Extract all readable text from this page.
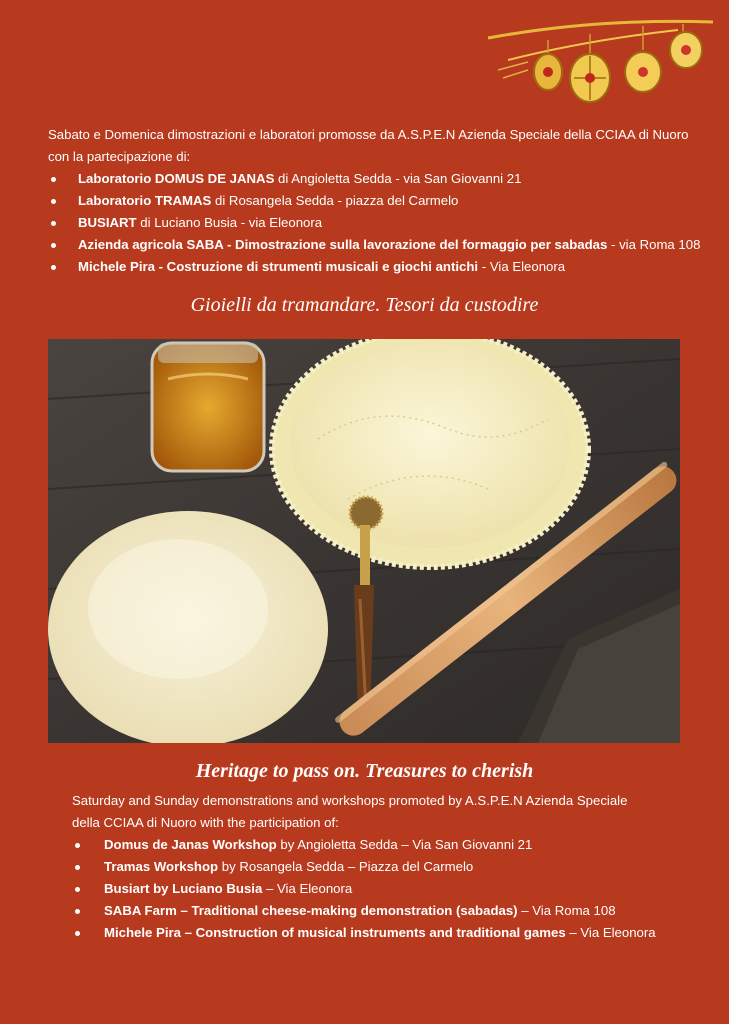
Sabato e Domenica dimostrazioni e laboratori promosse da A.S.P.E.N Azienda Speciale della CCIAA di Nuoro

con la partecipazione di:

Laboratorio DOMUS DE JANAS di Angioletta Sedda - via San Giovanni 21
Laboratorio TRAMAS di Rosangela Sedda - piazza del Carmelo
BUSIART di Luciano Busia - via Eleonora
Azienda agricola SABA - Dimostrazione sulla lavorazione del formaggio per sabadas - via Roma 108
Michele Pira - Costruzione di strumenti musicali e giochi antichi - Via Eleonora
Gioielli da tramandare. Tesori da custodire
Heritage to pass on. Treasures to cherish

Saturday and Sunday demonstrations and workshops promoted by A.S.P.E.N Azienda Speciale

della CCIAA di Nuoro with the participation of:

Domus de Janas Workshop by Angioletta Sedda – Via San Giovanni 21
Tramas Workshop by Rosangela Sedda – Piazza del Carmelo
Busiart by Luciano Busia – Via Eleonora
SABA Farm – Traditional cheese-making demonstration (sabadas) – Via Roma 108
Michele Pira – Construction of musical instruments and traditional games – Via Eleonora
